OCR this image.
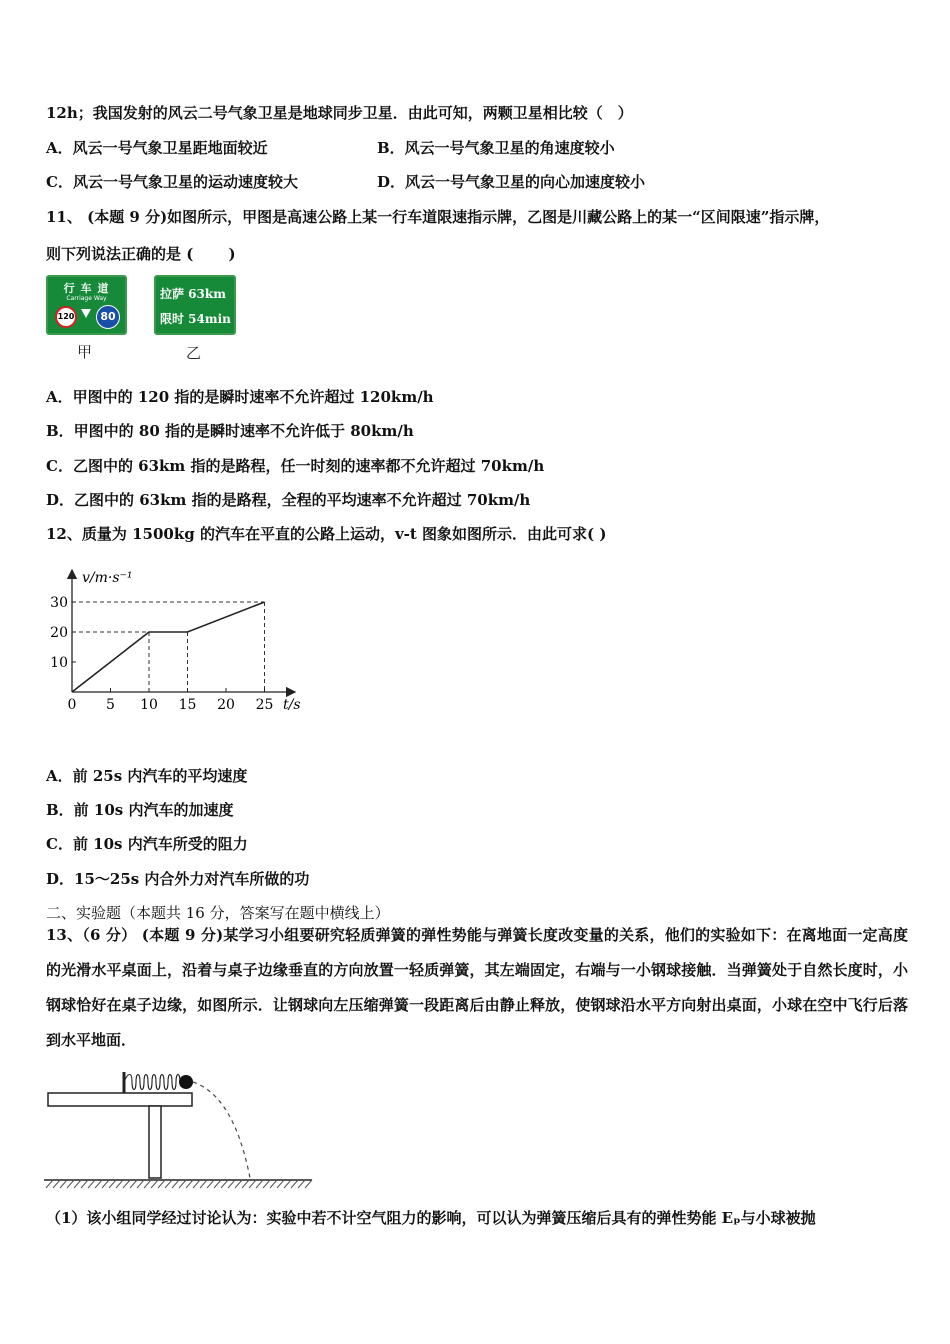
12h；我国发射的风云二号气象卫星是地球同步卫星．由此可知，两颗卫星相比较（　）
A．风云一号气象卫星距地面较近	B．风云一号气象卫星的角速度较小
C．风云一号气象卫星的运动速度较大	D．风云一号气象卫星的向心加速度较小
11、 (本题 9 分)如图所示，甲图是高速公路上某一行车道限速指示牌，乙图是川藏公路上的某一“区间限速”指示牌，
则下列说法正确的是 (　　 )
行 车 道
Carriage Way
120	80
甲
拉萨 63km
限时 54min
乙
A．甲图中的 120 指的是瞬时速率不允许超过 120km/h
B．甲图中的 80 指的是瞬时速率不允许低于 80km/h
C．乙图中的 63km 指的是路程，任一时刻的速率都不允许超过 70km/h
D．乙图中的 63km 指的是路程，全程的平均速率不允许超过 70km/h
12、质量为 1500kg 的汽车在平直的公路上运动，v-t 图象如图所示．由此可求( )
0 5 10 15 20 25
10
20
30
v/m·s⁻¹
t/s
A．前 25s 内汽车的平均速度
B．前 10s 内汽车的加速度
C．前 10s 内汽车所受的阻力
D．15～25s 内合外力对汽车所做的功
二、实验题（本题共 16 分，答案写在题中横线上）
13、（6 分） (本题 9 分)某学习小组要研究轻质弹簧的弹性势能与弹簧长度改变量的关系，他们的实验如下：在离地面一定高度的光滑水平桌面上，沿着与桌子边缘垂直的方向放置一轻质弹簧，其左端固定，右端与一小钢球接触．当弹簧处于自然长度时，小钢球恰好在桌子边缘，如图所示．让钢球向左压缩弹簧一段距离后由静止释放，使钢球沿水平方向射出桌面，小球在空中飞行后落到水平地面．
（1）该小组同学经过讨论认为：实验中若不计空气阻力的影响，可以认为弹簧压缩后具有的弹性势能 Eₚ与小球被抛
